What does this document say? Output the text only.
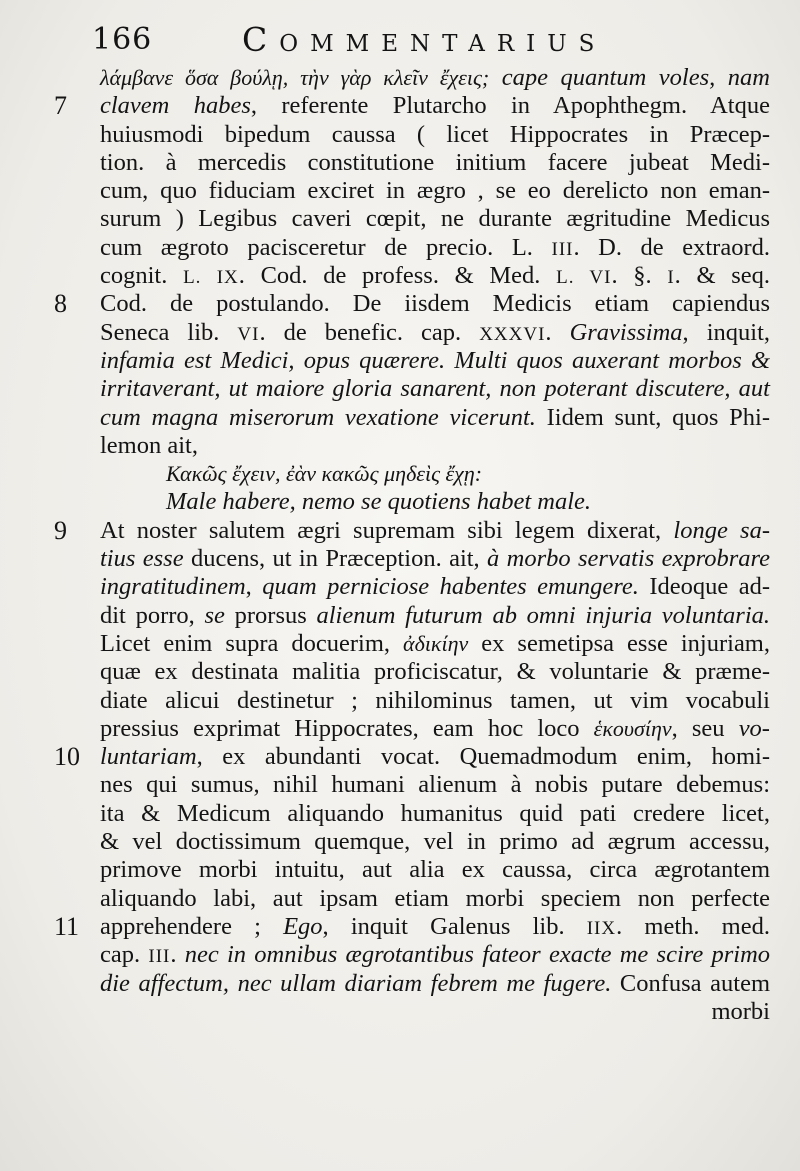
166	Commentarius
λάμβανε ὅσα βούλῃ, τὴν γὰρ κλεῖν ἔχεις; cape quantum voles, nam
7 clavem habes, referente Plutarcho in Apophthegm. Atque
huiusmodi bipedum caussa ( licet Hippocrates in Præcep-
tion. à mercedis constitutione initium facere jubeat Medi-
cum, quo fiduciam exciret in ægro , se eo derelicto non eman-
surum ) Legibus caveri cœpit, ne durante ægritudine Medicus
cum ægroto pacisceretur de precio. L. III. D. de extraord.
cognit. L. IX. Cod. de profess. & Med. L. VI. §. I. & seq.
8 Cod. de postulando. De iisdem Medicis etiam capiendus
Seneca lib. VI. de benefic. cap. XXXVI. Gravissima, inquit,
infamia est Medici, opus quærere. Multi quos auxerant morbos &
irritaverant, ut maiore gloria sanarent, non poterant discutere, aut
cum magna miserorum vexatione vicerunt. Iidem sunt, quos Phi-
lemon ait,
Κακῶς ἔχειν, ἐὰν κακῶς μηδεὶς ἔχῃ:
Male habere, nemo se quotiens habet male.
9 At noster salutem ægri supremam sibi legem dixerat, longe sa-
tius esse ducens, ut in Præception. ait, à morbo servatis exprobrare
ingratitudinem, quam perniciose habentes emungere. Ideoque ad-
dit porro, se prorsus alienum futurum ab omni injuria voluntaria.
Licet enim supra docuerim, ἀδικίην ex semetipsa esse injuriam,
quæ ex destinata malitia proficiscatur, & voluntarie & præme-
diate alicui destinetur ; nihilominus tamen, ut vim vocabuli
pressius exprimat Hippocrates, eam hoc loco ἑκουσίην, seu vo-
10 luntariam, ex abundanti vocat. Quemadmodum enim, homi-
nes qui sumus, nihil humani alienum à nobis putare debemus:
ita & Medicum aliquando humanitus quid pati credere licet,
& vel doctissimum quemque, vel in primo ad ægrum accessu,
primove morbi intuitu, aut alia ex caussa, circa ægrotantem
aliquando labi, aut ipsam etiam morbi speciem non perfecte
11 apprehendere ; Ego, inquit Galenus lib. IIX. meth. med.
cap. III. nec in omnibus ægrotantibus fateor exacte me scire primo
die affectum, nec ullam diariam febrem me fugere. Confusa autem
morbi
